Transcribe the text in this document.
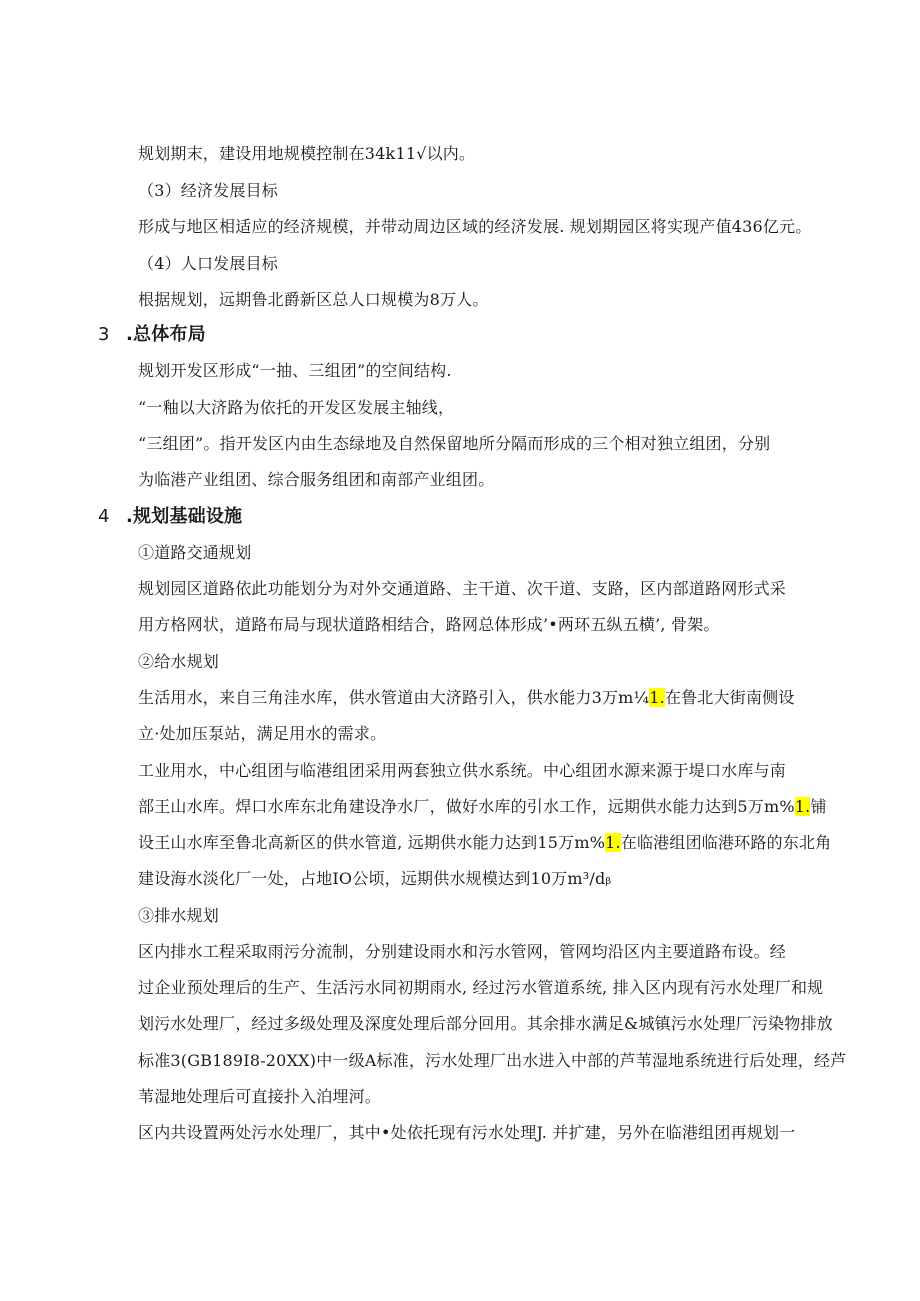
规划期末，建设用地规模控制在34k11√以内。
（3）经济发展目标
形成与地区相适应的经济规模，并带动周边区域的经济发展. 规划期园区将实现产值436亿元。
（4）人口发展目标
根据规划，远期鲁北爵新区总人口规模为8万人。
3 .总体布局
规划开发区形成“一抽、三组团”的空间结构.
“一釉以大济路为依托的开发区发展主轴线，
“三组团”。指开发区内由生态绿地及自然保留地所分隔而形成的三个相对独立组团，分别
为临港产业组团、综合服务组团和南部产业组团。
4 .规划基础设施
①道路交通规划
规划园区道路依此功能划分为对外交通道路、主干道、次干道、支路，区内部道路网形式采
用方格网状，道路布局与现状道路相结合，路网总体形成’•两环五纵五横’, 骨架。
②给水规划
生活用水，来自三角洼水库，供水管道由大济路引入，供水能力3万m¼1.在鲁北大街南侧设
立·处加压泵站，满足用水的需求。
工业用水，中心组团与临港组团采用两套独立供水系统。中心组团水源来源于堤口水库与南
部王山水库。焊口水库东北角建设净水厂，做好水库的引水工作，远期供水能力达到5万m%1.铺
设王山水库至鲁北高新区的供水管道, 远期供水能力达到15万m%1.在临港组团临港环路的东北角
建设海水淡化厂一处，占地IO公顷，远期供水规模达到10万m³/dᵦ
③排水规划
区内排水工程采取雨污分流制，分别建设雨水和污水管网，管网均沿区内主要道路布设。经
过企业预处理后的生产、生活污水同初期雨水, 经过污水管道系统, 排入区内现有污水处理厂和规
划污水处理厂，经过多级处理及深度处理后部分回用。其余排水满足&城镇污水处理厂污染物排放
标准3(GB189I8-20XX)中一级A标准，污水处理厂出水进入中部的芦苇湿地系统进行后处理，经芦
苇湿地处理后可直接扑入泊埋河。
区内共设置两处污水处理厂，其中•处依托现有污水处理J. 并扩建，另外在临港组团再规划一
